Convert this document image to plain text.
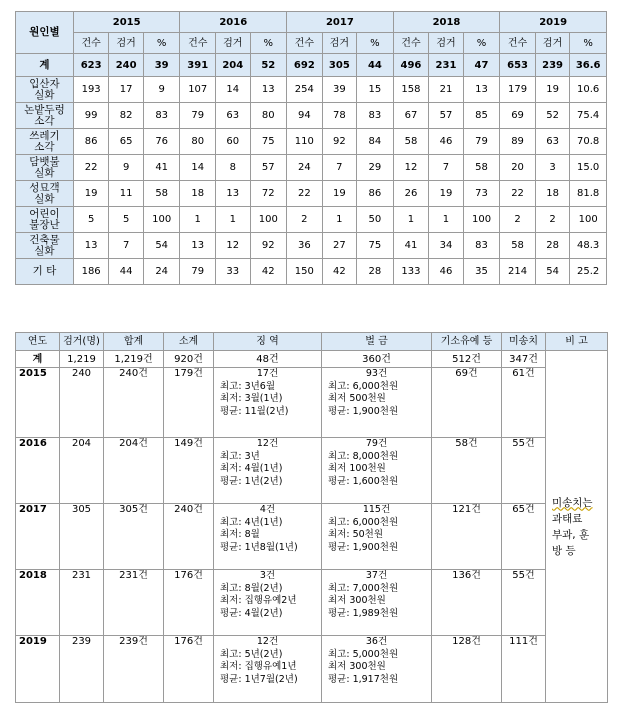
원인별	2015			2016			2017			2018			2019		
	건수	검거	%	건수	검거	%	건수	검거	%	건수	검거	%	건수	검거	%
계	623	240	39	391	204	52	692	305	44	496	231	47	653	239	36.6
입산자
실화	193	17	9	107	14	13	254	39	15	158	21	13	179	19	10.6
논밭두렁
소각	99	82	83	79	63	80	94	78	83	67	57	85	69	52	75.4
쓰레기
소각	86	65	76	80	60	75	110	92	84	58	46	79	89	63	70.8
담뱃불
실화	22	9	41	14	8	57	24	7	29	12	7	58	20	3	15.0
성묘객
실화	19	11	58	18	13	72	22	19	86	26	19	73	22	18	81.8
어린이
불장난	5	5	100	1	1	100	2	1	50	1	1	100	2	2	100
건축물
실화	13	7	54	13	12	92	36	27	75	41	34	83	58	28	48.3
기 타	186	44	24	79	33	42	150	42	28	133	46	35	214	54	25.2
연도	검거(명)	합계	소계	징 역	벌 금	기소유예 등	미송치	비 고
계	1,219	1,219건	920건	48건	360건	512건	347건	미송치는
과태료
부과, 훈
방 등

2015	240	240건	179건	17건
최고: 3년6월
최저: 3월(1년)
평균: 11월(2년)	93건
최고: 6,000천원
최저 500천원
평균: 1,900천원	69건	61건	
2016	204	204건	149건	12건
최고: 3년
최저: 4월(1년)
평균: 1년(2년)	79건
최고: 8,000천원
최저 100천원
평균: 1,600천원	58건	55건	
2017	305	305건	240건	4건
최고: 4년(1년)
최저: 8월
평균: 1년8월(1년)	115건
최고: 6,000천원
최저: 50천원
평균: 1,900천원	121건	65건	
2018	231	231건	176건	3건
최고: 8월(2년)
최저: 집행유예2년
평균: 4월(2년)	37건
최고: 7,000천원
최저 300천원
평균: 1,989천원	136건	55건	
2019	239	239건	176건	12건
최고: 5년(2년)
최저: 집행유예1년
평균: 1년7월(2년)	36건
최고: 5,000천원
최저 300천원
평균: 1,917천원	128건	111건	
